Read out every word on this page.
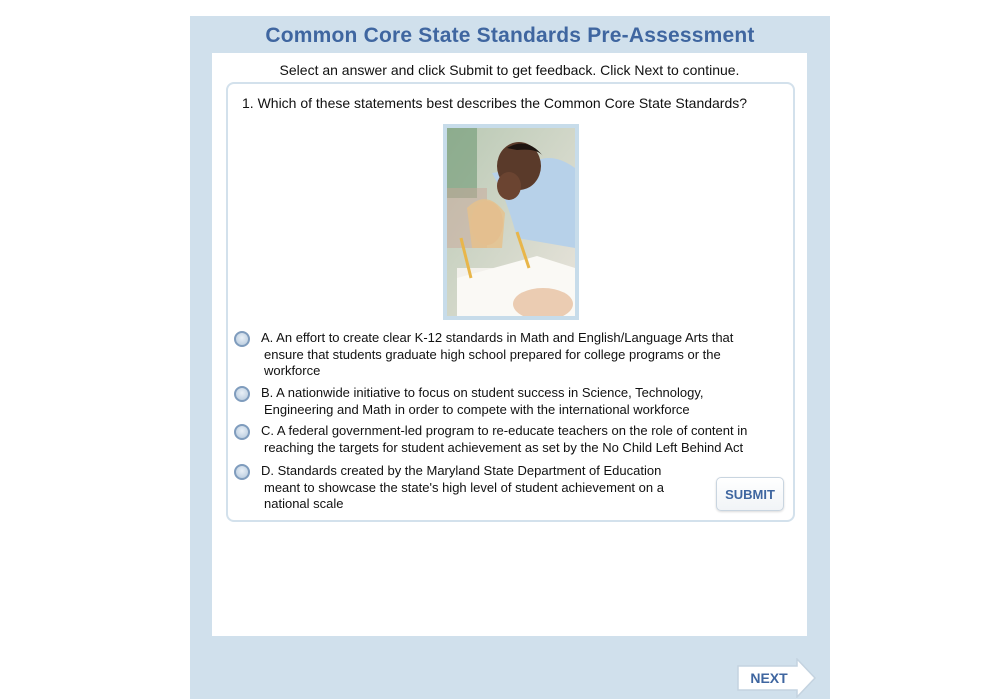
Common Core State Standards Pre-Assessment
Select an answer and click Submit to get feedback. Click Next to continue.
1. Which of these statements best describes the Common Core State Standards?
A. An effort to create clear K-12 standards in Math and English/Language Arts that ensure that students graduate high school prepared for college programs or the workforce
B. A nationwide initiative to focus on student success in Science, Technology, Engineering and Math in order to compete with the international workforce
C. A federal government-led program to re-educate teachers on the role of content in reaching the targets for student achievement as set by the No Child Left Behind Act
D. Standards created by the Maryland State Department of Education meant to showcase the state's high level of student achievement on a national scale
SUBMIT
NEXT
